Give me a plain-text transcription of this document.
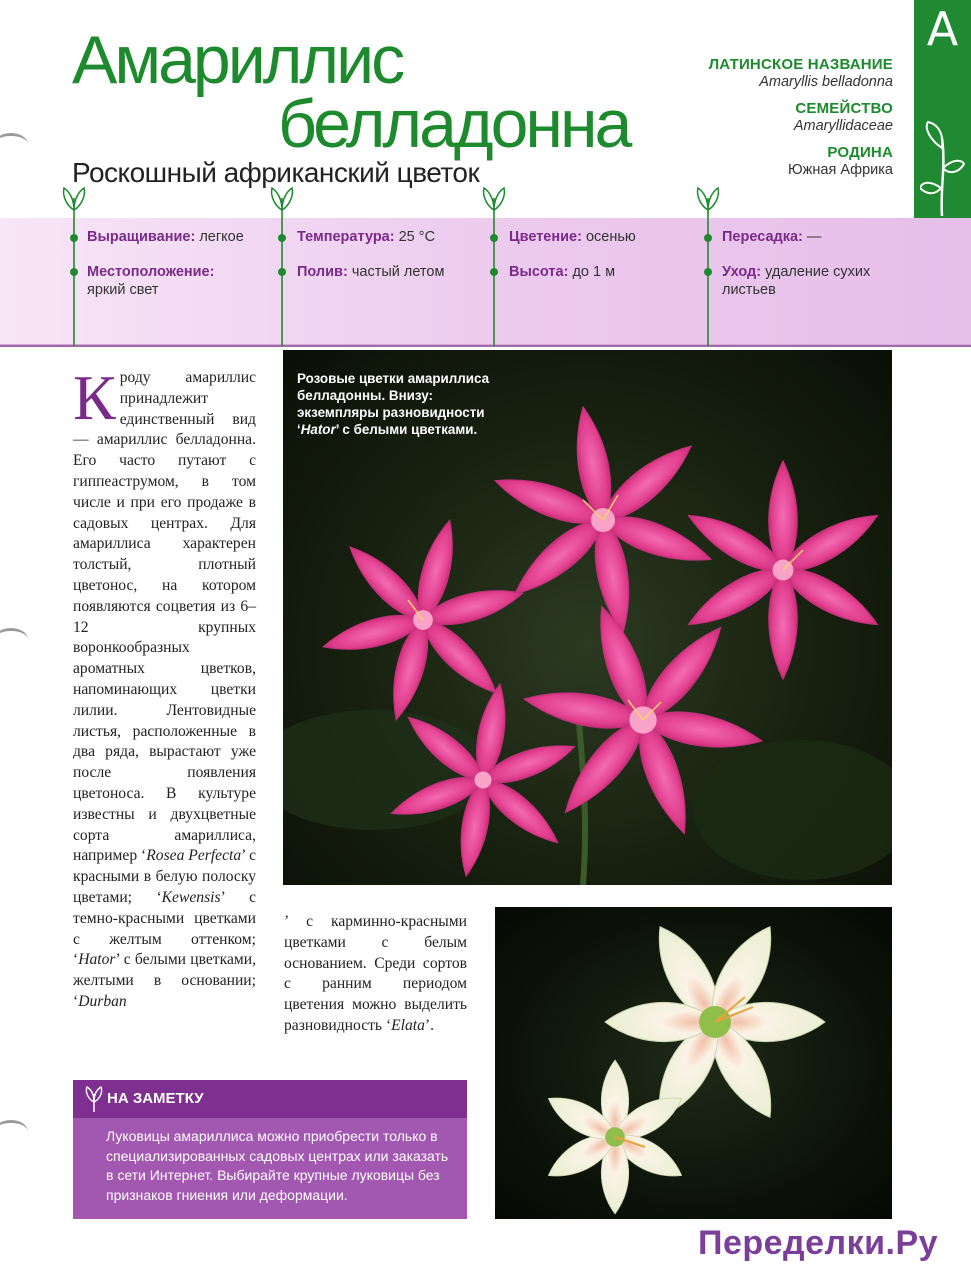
Амариллис
белладонна
Роскошный африканский цветок
ЛАТИНСКОЕ НАЗВАНИЕ
Amaryllis belladonna
СЕМЕЙСТВО
Amaryllidaceae
РОДИНА
Южная Африка
А
Выращивание: легкое
Местоположение:
яркий свет
Температура: 25 °С
Полив: частый летом
Цветение: осенью
Высота: до 1 м
Пересадка: —
Уход: удаление сухих листьев
Кроду амариллис принадлежит единственный вид — амариллис белладонна. Его часто путают с гиппеаструмом, в том числе и при его продаже в садовых центрах. Для амариллиса характерен толстый, плотный цветонос, на котором появляются соцветия из 6–12 крупных воронкообразных ароматных цветков, напоминающих цветки лилии. Лентовидные листья, расположенные в два ряда, вырастают уже после появления цветоноса. В культуре известны и двухцветные сорта амариллиса, например ‘Rosea Perfecta’ с красными в белую полоску цветами; ‘Kewensis’ с темно-красными цветками с желтым оттенком; ‘Hator’ с белыми цветками, желтыми в основании; ‘Durban
’ с карминно-красными цветками с белым основанием. Среди сортов с ранним периодом цветения можно выделить разновидность ‘Elata’.
Розовые цветки амариллиса белладонны. Внизу: экземпляры разновидности ‘Hator’ с белыми цветками.
НА ЗАМЕТКУ
Луковицы амариллиса можно приобрести только в специализированных садовых центрах или заказать в сети Интернет. Выбирайте крупные луковицы без признаков гниения или деформации.
Переделки.Ру
